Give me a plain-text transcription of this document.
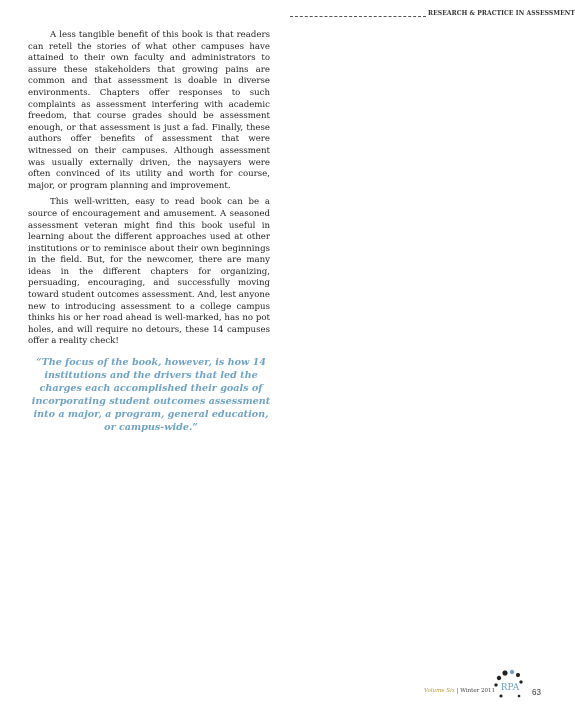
RESEARCH & PRACTICE IN ASSESSMENT

A less tangible benefit of this book is that readers can retell the stories of what other campuses have attained to their own faculty and administrators to assure these stakeholders that growing pains are common and that assessment is doable in diverse environments. Chapters offer responses to such complaints as assessment interfering with academic freedom, that course grades should be assessment enough, or that assessment is just a fad. Finally, these authors offer benefits of assessment that were witnessed on their campuses. Although assessment was usually externally driven, the naysayers were often convinced of its utility and worth for course, major, or program planning and improvement.

This well-written, easy to read book can be a source of encouragement and amusement. A seasoned assessment veteran might find this book useful in learning about the different approaches used at other institutions or to reminisce about their own beginnings in the field. But, for the newcomer, there are many ideas in the different chapters for organizing, persuading, encouraging, and successfully moving toward student outcomes assessment. And, lest anyone new to introducing assessment to a college campus thinks his or her road ahead is well-marked, has no pot holes, and will require no detours, these 14 campuses offer a reality check!

“The focus of the book, however, is how 14 institutions and the drivers that led the charges each accomplished their goals of incorporating student outcomes assessment into a major, a program, general education, or campus-wide.”
Volume Six | Winter 2011 RPA 63
